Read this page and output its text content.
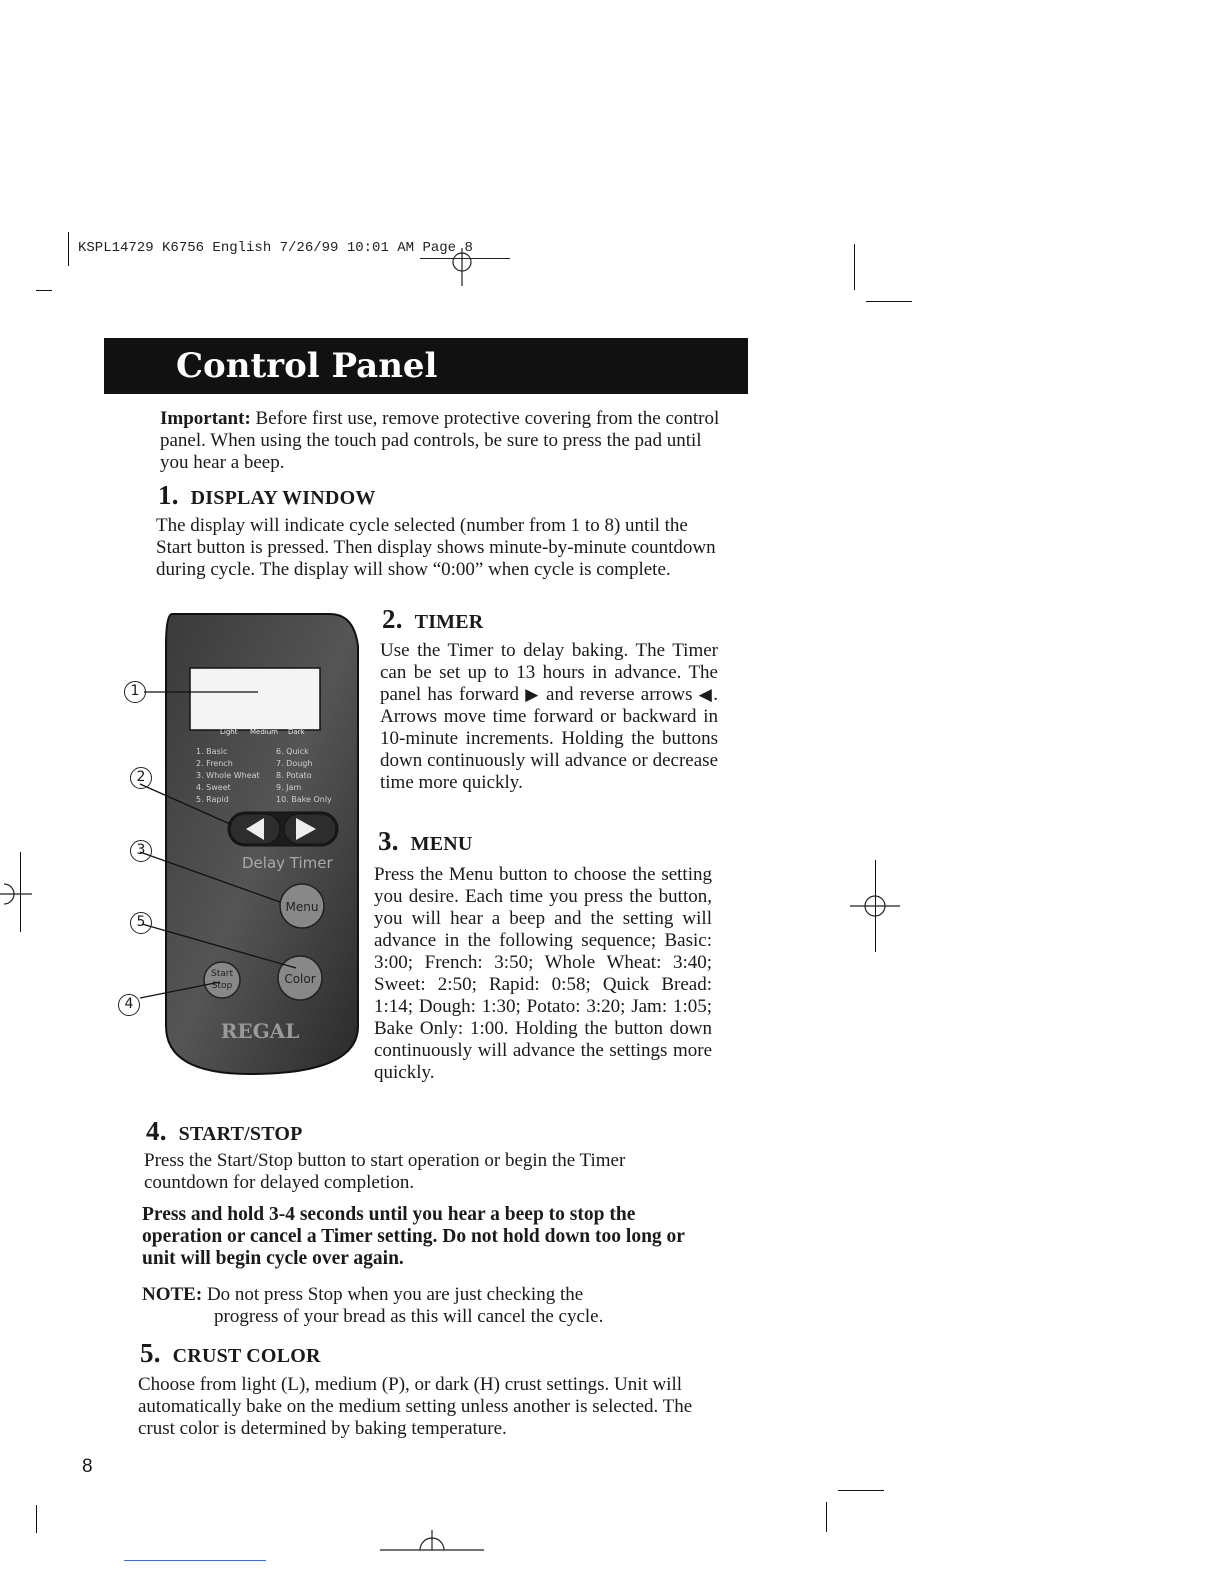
KSPL14729 K6756 English 7/26/99 10:01 AM Page 8
Control Panel

Important: Before first use, remove protective covering from the control panel. When using the touch pad controls, be sure to press the pad until you hear a beep.

1. DISPLAY WINDOW

The display will indicate cycle selected (number from 1 to 8) until the Start button is pressed. Then display shows minute-by-minute countdown during cycle. The display will show “0:00” when cycle is complete.

Light Medium Dark
1. Basic
2. French
3. Whole Wheat
4. Sweet
5. Rapid
6. Quick
7. Dough
8. Potato
9. Jam
10. Bake Only
Delay Timer
Menu
Start
Stop	Color
REGAL
1
2
3
5
4
2. TIMER

Use the Timer to delay baking. The Timer can be set up to 13 hours in advance. The panel has forward ▶ and reverse arrows ◀. Arrows move time forward or backward in 10-minute increments. Holding the buttons down continuously will advance or decrease time more quickly.

3. MENU

Press the Menu button to choose the setting you desire. Each time you press the button, you will hear a beep and the setting will advance in the following sequence; Basic: 3:00; French: 3:50; Whole Wheat: 3:40; Sweet: 2:50; Rapid: 0:58; Quick Bread: 1:14; Dough: 1:30; Potato: 3:20; Jam: 1:05; Bake Only: 1:00. Holding the button down continuously will advance the settings more quickly.

4. START/STOP

Press the Start/Stop button to start operation or begin the Timer countdown for delayed completion.

Press and hold 3-4 seconds until you hear a beep to stop the operation or cancel a Timer setting. Do not hold down too long or unit will begin cycle over again.

NOTE: Do not press Stop when you are just checking the
progress of your bread as this will cancel the cycle.

5. CRUST COLOR

Choose from light (L), medium (P), or dark (H) crust settings. Unit will automatically bake on the medium setting unless another is selected. The crust color is determined by baking temperature.

8
